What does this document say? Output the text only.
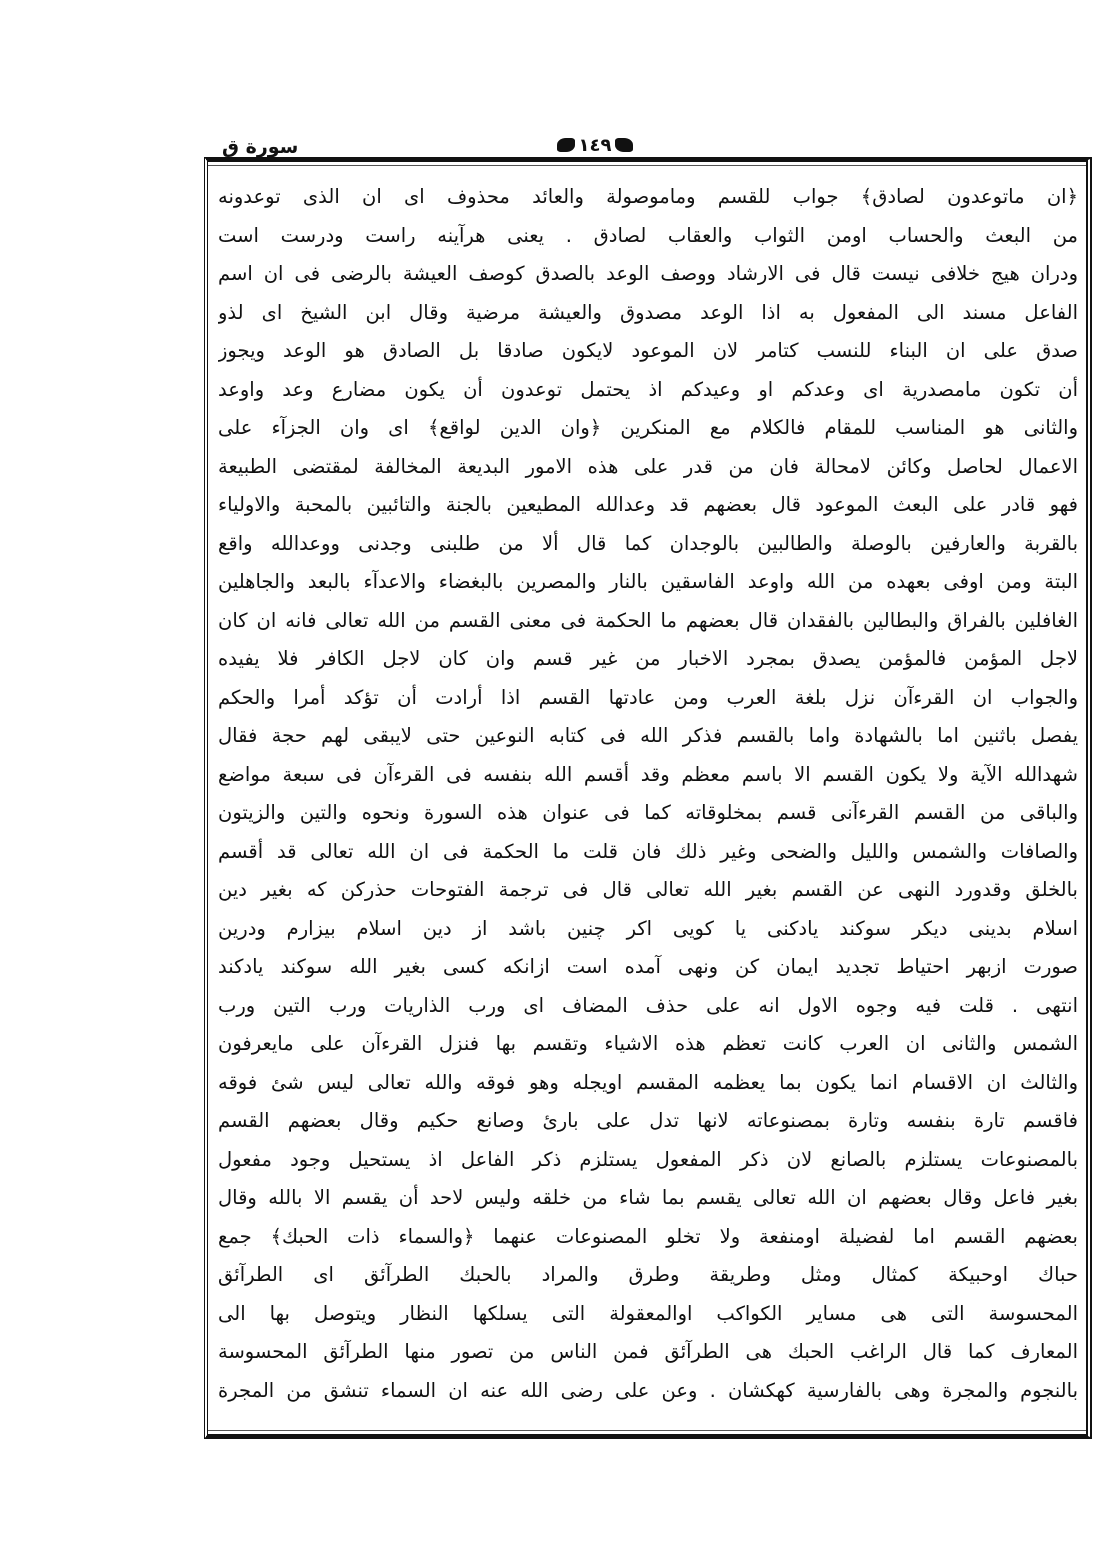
سورة ق	١٤٩
﴿ان ماتوعدون لصادق﴾ جواب للقسم وماموصولة والعائد محذوف اى ان الذى توعدونه
من البعث والحساب اومن الثواب والعقاب لصادق . يعنى هرآينه راست ودرست است
ودران هيج خلافى نيست قال فى الارشاد ووصف الوعد بالصدق كوصف العيشة بالرضى فى ان اسم
الفاعل مسند الى المفعول به اذا الوعد مصدوق والعيشة مرضية وقال ابن الشيخ اى لذو
صدق على ان البناء للنسب كتامر لان الموعود لايكون صادقا بل الصادق هو الوعد ويجوز
أن تكون مامصدرية اى وعدكم او وعيدكم اذ يحتمل توعدون أن يكون مضارع وعد واوعد
والثانى هو المناسب للمقام فالكلام مع المنكرين ﴿وان الدين لواقع﴾ اى وان الجزآء على
الاعمال لحاصل وكائن لامحالة فان من قدر على هذه الامور البديعة المخالفة لمقتضى الطبيعة
فهو قادر على البعث الموعود قال بعضهم قد وعدالله المطيعين بالجنة والتائبين بالمحبة والاولياء
بالقربة والعارفين بالوصلة والطالبين بالوجدان كما قال ألا من طلبنى وجدنى ووعدالله واقع
البتة ومن اوفى بعهده من الله واوعد الفاسقين بالنار والمصرين بالبغضاء والاعدآء بالبعد والجاهلين
الغافلين بالفراق والبطالين بالفقدان قال بعضهم ما الحكمة فى معنى القسم من الله تعالى فانه ان كان
لاجل المؤمن فالمؤمن يصدق بمجرد الاخبار من غير قسم وان كان لاجل الكافر فلا يفيده
والجواب ان القرءآن نزل بلغة العرب ومن عادتها القسم اذا أرادت أن تؤكد أمرا والحكم
يفصل باثنين اما بالشهادة واما بالقسم فذكر الله فى كتابه النوعين حتى لايبقى لهم حجة فقال
شهدالله الآية ولا يكون القسم الا باسم معظم وقد أقسم الله بنفسه فى القرءآن فى سبعة مواضع
والباقى من القسم القرءآنى قسم بمخلوقاته كما فى عنوان هذه السورة ونحوه والتين والزيتون
والصافات والشمس والليل والضحى وغير ذلك فان قلت ما الحكمة فى ان الله تعالى قد أقسم
بالخلق وقدورد النهى عن القسم بغير الله تعالى قال فى ترجمة الفتوحات حذركن كه بغير دين
اسلام بدينى ديكر سوكند يادكنى يا كويى اكر چنين باشد از دين اسلام بيزارم ودرين
صورت ازبهر احتياط تجديد ايمان كن ونهى آمده است ازانكه كسى بغير الله سوكند يادكند
انتهى . قلت فيه وجوه الاول انه على حذف المضاف اى ورب الذاريات ورب التين ورب
الشمس والثانى ان العرب كانت تعظم هذه الاشياء وتقسم بها فنزل القرءآن على مايعرفون
والثالث ان الاقسام انما يكون بما يعظمه المقسم اويجله وهو فوقه والله تعالى ليس شئ فوقه
فاقسم تارة بنفسه وتارة بمصنوعاته لانها تدل على بارئ وصانع حكيم وقال بعضهم القسم
بالمصنوعات يستلزم بالصانع لان ذكر المفعول يستلزم ذكر الفاعل اذ يستحيل وجود مفعول
بغير فاعل وقال بعضهم ان الله تعالى يقسم بما شاء من خلقه وليس لاحد أن يقسم الا بالله وقال
بعضهم القسم اما لفضيلة اومنفعة ولا تخلو المصنوعات عنهما ﴿والسماء ذات الحبك﴾ جمع
حباك اوحبيكة كمثال ومثل وطريقة وطرق والمراد بالحبك الطرآئق اى الطرآئق
المحسوسة التى هى مساير الكواكب اوالمعقولة التى يسلكها النظار ويتوصل بها الى
المعارف كما قال الراغب الحبك هى الطرآئق فمن الناس من تصور منها الطرآئق المحسوسة
بالنجوم والمجرة وهى بالفارسية كهكشان . وعن على رضى الله عنه ان السماء تنشق من المجرة
